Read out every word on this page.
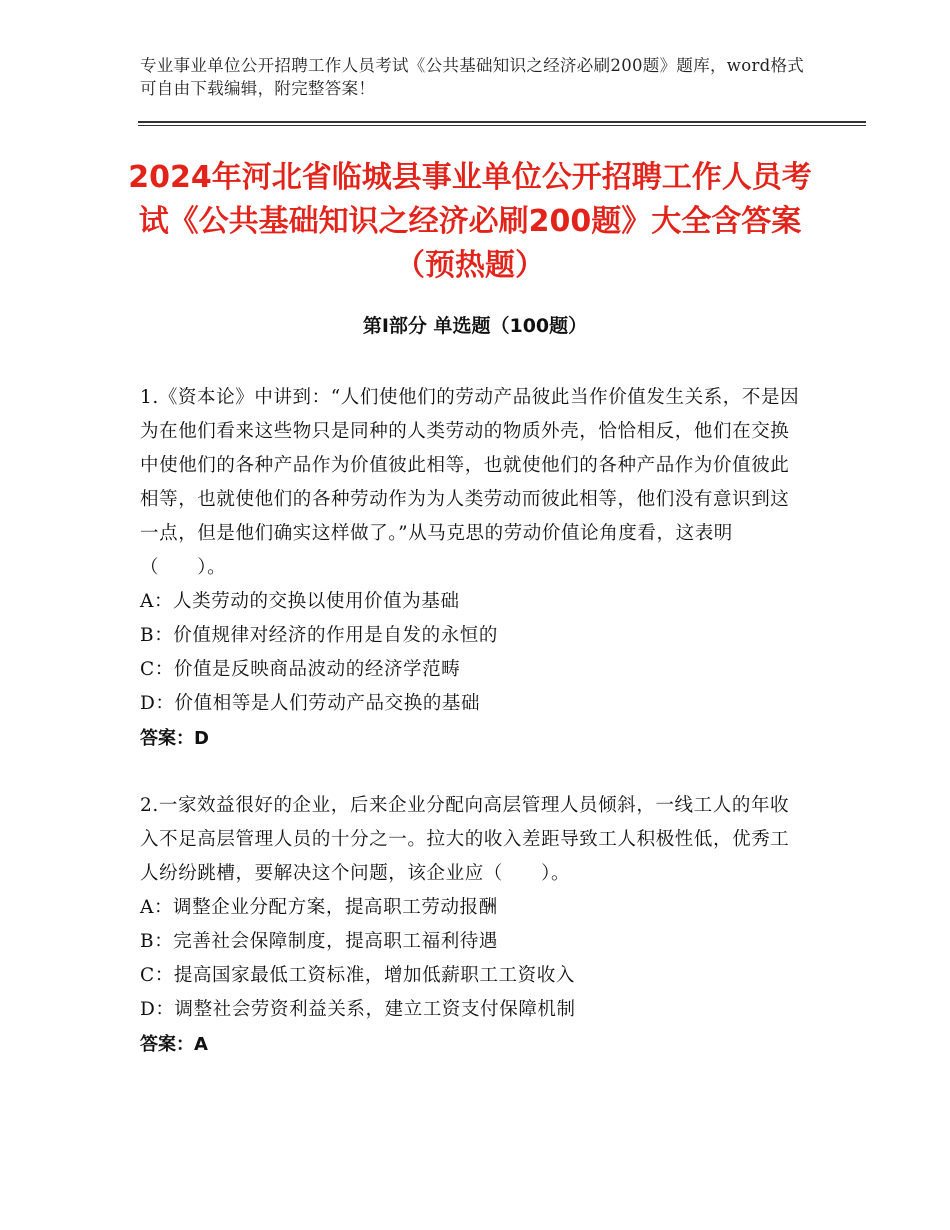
专业事业单位公开招聘工作人员考试《公共基础知识之经济必刷200题》题库，word格式可自由下载编辑，附完整答案！
2024年河北省临城县事业单位公开招聘工作人员考试《公共基础知识之经济必刷200题》大全含答案（预热题）
第Ⅰ部分 单选题（100题）
1.《资本论》中讲到：“人们使他们的劳动产品彼此当作价值发生关系，不是因为在他们看来这些物只是同种的人类劳动的物质外壳，恰恰相反，他们在交换中使他们的各种产品作为价值彼此相等，也就使他们的各种产品作为价值彼此相等，也就使他们的各种劳动作为为人类劳动而彼此相等，他们没有意识到这一点，但是他们确实这样做了。”从马克思的劳动价值论角度看，这表明（　　）。
A：人类劳动的交换以使用价值为基础
B：价值规律对经济的作用是自发的永恒的
C：价值是反映商品波动的经济学范畴
D：价值相等是人们劳动产品交换的基础
答案：D
2.一家效益很好的企业，后来企业分配向高层管理人员倾斜，一线工人的年收入不足高层管理人员的十分之一。拉大的收入差距导致工人积极性低，优秀工人纷纷跳槽，要解决这个问题，该企业应（　　）。
A：调整企业分配方案，提高职工劳动报酬
B：完善社会保障制度，提高职工福利待遇
C：提高国家最低工资标准，增加低薪职工工资收入
D：调整社会劳资利益关系，建立工资支付保障机制
答案：A
